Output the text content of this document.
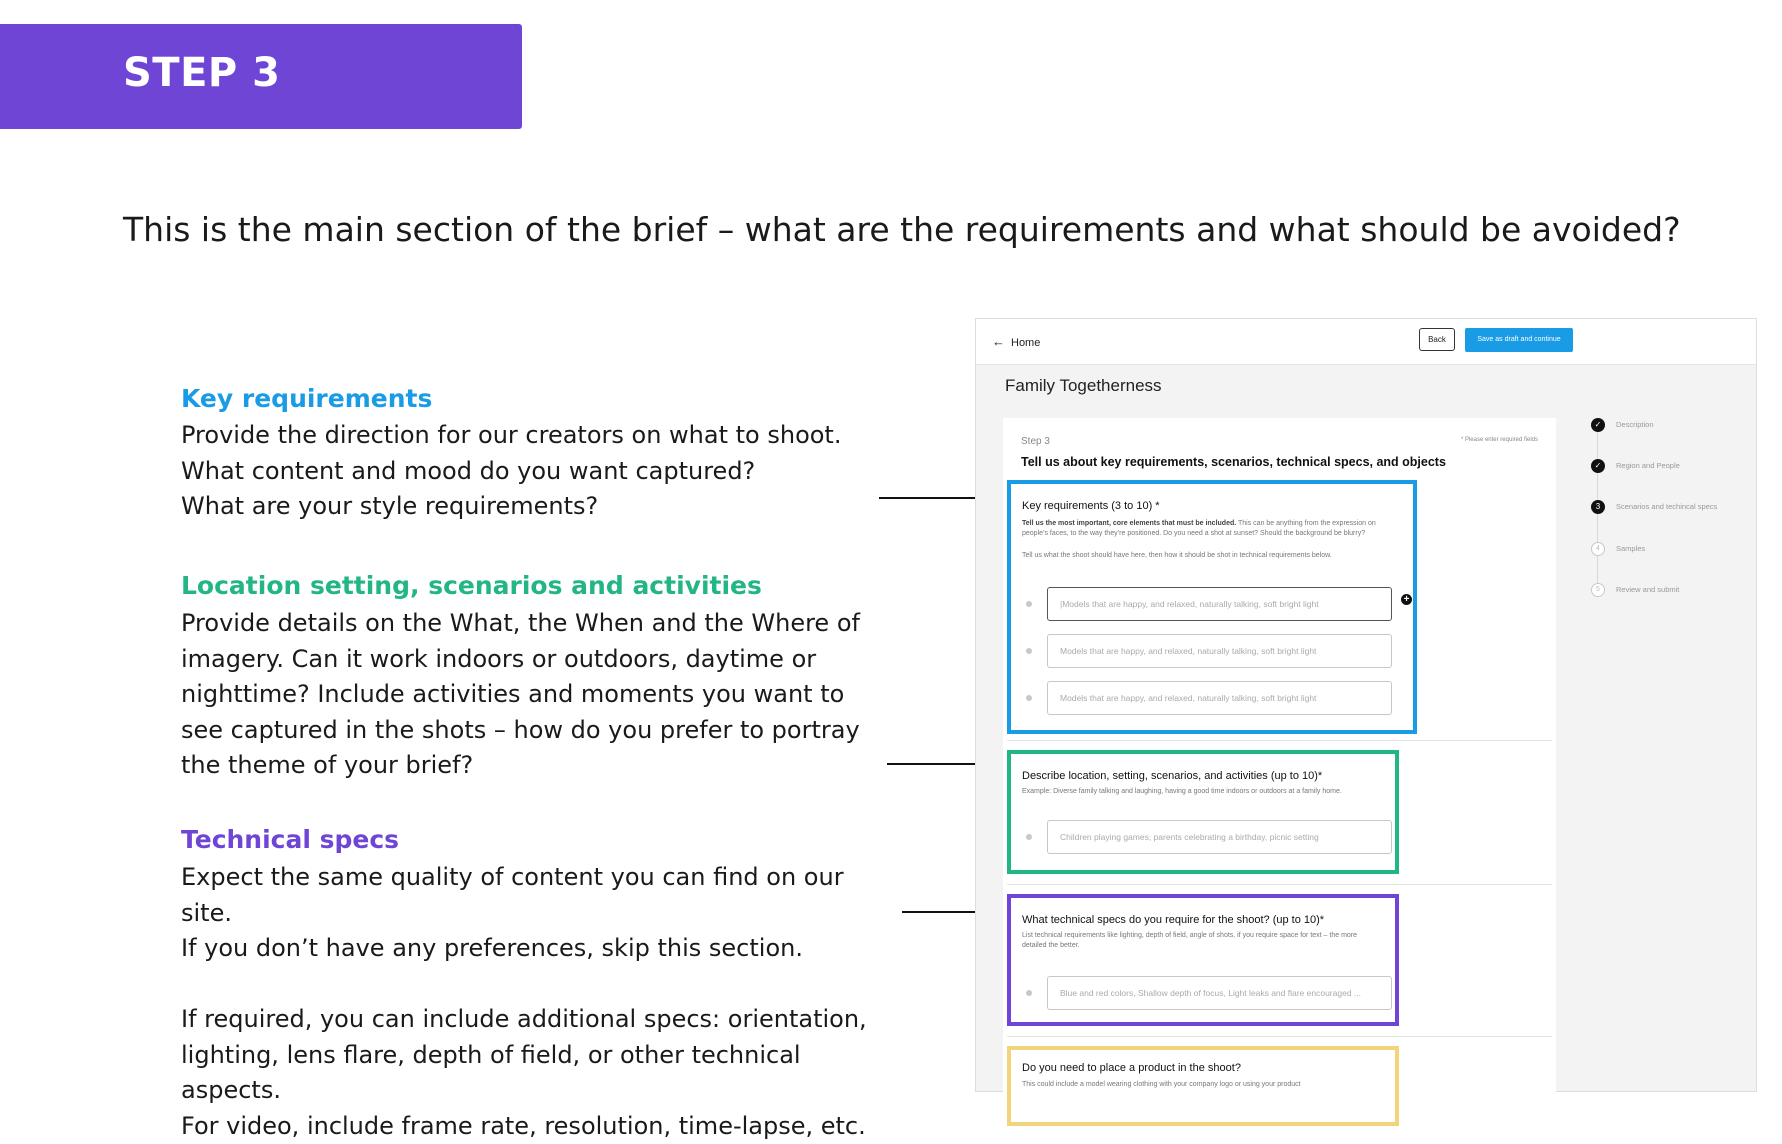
STEP 3
This is the main section of the brief – what are the requirements and what should be avoided?
Key requirements
Provide the direction for our creators on what to shoot.
What content and mood do you want captured?
What are your style requirements?
Location setting, scenarios and activities
Provide details on the What, the When and the Where of
imagery. Can it work indoors or outdoors, daytime or
nighttime? Include activities and moments you want to
see captured in the shots – how do you prefer to portray
the theme of your brief?
Technical specs
Expect the same quality of content you can find on our site.
If you don’t have any preferences, skip this section.

If required, you can include additional specs: orientation,
lighting, lens flare, depth of field, or other technical aspects.
For video, include frame rate, resolution, time-lapse, etc.
← Home	Back	Save as draft and continue
Family Togetherness
Step 3	* Please enter required fields
Tell us about key requirements, scenarios, technical specs, and objects
Key requirements (3 to 10) *
Tell us the most important, core elements that must be included. This can be anything from the expression on people’s faces, to the way they’re positioned. Do you need a shot at sunset? Should the background be blurry?
Tell us what the shoot should have here, then how it should be shot in technical requirements below.
|Models that are happy, and relaxed, naturally talking, soft bright light	+
Models that are happy, and relaxed, naturally talking, soft bright light
Models that are happy, and relaxed, naturally talking, soft bright light
Describe location, setting, scenarios, and activities (up to 10)*
Example: Diverse family talking and laughing, having a good time indoors or outdoors at a family home.
Children playing games, parents celebrating a birthday, picnic setting
What technical specs do you require for the shoot? (up to 10)*
List technical requirements like lighting, depth of field, angle of shots, if you require space for text – the more detailed the better.
Blue and red colors, Shallow depth of focus, Light leaks and flare encouraged ...
Do you need to place a product in the shoot?
This could include a model wearing clothing with your company logo or using your product
✓	Description
✓	Region and People
3	Scenarios and techincal specs
4	Samples
5	Review and submit
